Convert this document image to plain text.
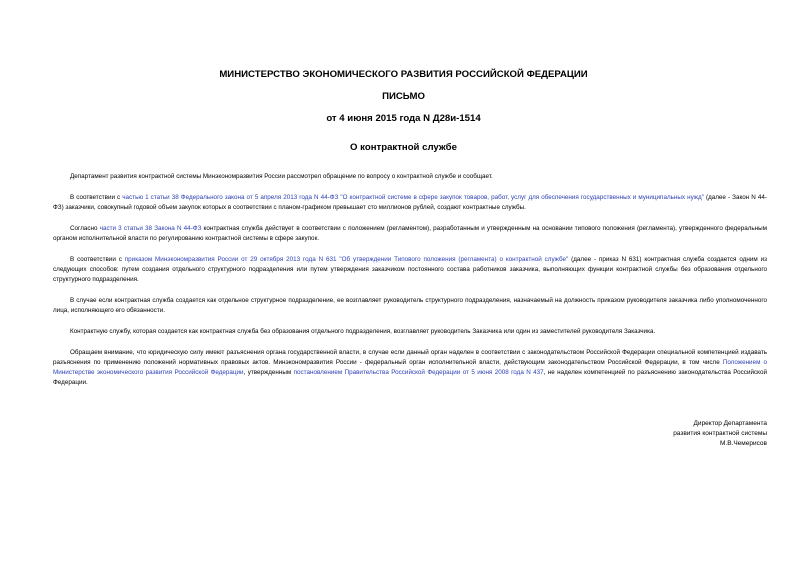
МИНИСТЕРСТВО ЭКОНОМИЧЕСКОГО РАЗВИТИЯ РОССИЙСКОЙ ФЕДЕРАЦИИ
ПИСЬМО
от 4 июня 2015 года N Д28и-1514
О контрактной службе

Департамент развития контрактной системы Минэкономразвития России рассмотрел обращение по вопросу о контрактной службе и сообщает.

В соответствии с частью 1 статьи 38 Федерального закона от 5 апреля 2013 года N 44-ФЗ "О контрактной системе в сфере закупок товаров, работ, услуг для обеспечения государственных и муниципальных нужд" (далее - Закон N 44-ФЗ) заказчики, совокупный годовой объем закупок которых в соответствии с планом-графиком превышает сто миллионов рублей, создают контрактные службы.

Согласно части 3 статьи 38 Закона N 44-ФЗ контрактная служба действует в соответствии с положением (регламентом), разработанным и утвержденным на основании типового положения (регламента), утвержденного федеральным органом исполнительной власти по регулированию контрактной системы в сфере закупок.

В соответствии с приказом Минэкономразвития России от 29 октября 2013 года N 631 "Об утверждении Типового положения (регламента) о контрактной службе" (далее - приказ N 631) контрактная служба создается одним из следующих способов: путем создания отдельного структурного подразделения или путем утверждения заказчиком постоянного состава работников заказчика, выполняющих функции контрактной службы без образования отдельного структурного подразделения.

В случае если контрактная служба создается как отдельное структурное подразделение, ее возглавляет руководитель структурного подразделения, назначаемый на должность приказом руководителя заказчика либо уполномоченного лица, исполняющего его обязанности.

Контрактную службу, которая создается как контрактная служба без образования отдельного подразделения, возглавляет руководитель Заказчика или один из заместителей руководителя Заказчика.

Обращаем внимание, что юридическую силу имеют разъяснения органа государственной власти, в случае если данный орган наделен в соответствии с законодательством Российской Федерации специальной компетенцией издавать разъяснения по применению положений нормативных правовых актов. Минэкономразвития России - федеральный орган исполнительной власти, действующим законодательством Российской Федерации, в том числе Положением о Министерстве экономического развития Российской Федерации, утвержденным постановлением Правительства Российской Федерации от 5 июня 2008 года N 437, не наделен компетенцией по разъяснению законодательства Российской Федерации.

Директор Департамента
развития контрактной системы
М.В.Чемерисов
